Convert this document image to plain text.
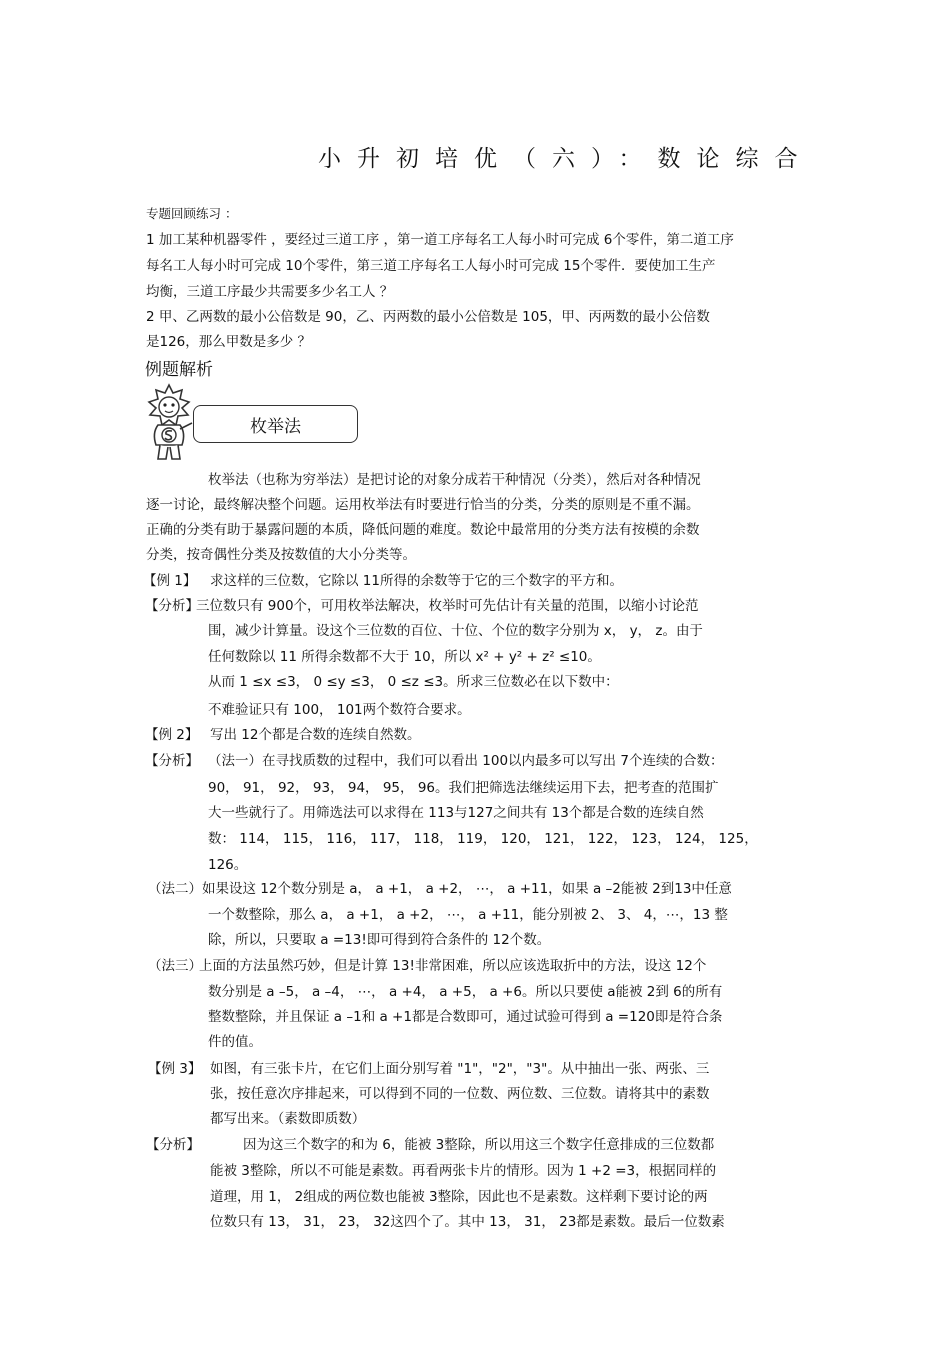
小升初培优（六）：数论综合
专题回顾练习 ：
1 加工某种机器零件 ，要经过三道工序 ，第一道工序每名工人每小时可完成 6个零件，第二道工序
每名工人每小时可完成 10个零件，第三道工序每名工人每小时可完成 15个零件．要使加工生产
均衡，三道工序最少共需要多少名工人 ？
2 甲、乙两数的最小公倍数是 90，乙、丙两数的最小公倍数是 105，甲、丙两数的最小公倍数
是126，那么甲数是多少 ？
例题解析
枚举法
枚举法（也称为穷举法）是把讨论的对象分成若干种情况（分类），然后对各种情况
逐一讨论，最终解决整个问题。运用枚举法有时要进行恰当的分类，分类的原则是不重不漏。
正确的分类有助于暴露问题的本质，降低问题的难度。数论中最常用的分类方法有按模的余数
分类，按奇偶性分类及按数值的大小分类等。
【例 1】 求这样的三位数，它除以 11所得的余数等于它的三个数字的平方和。
【分析】
三位数只有 900个，可用枚举法解决，枚举时可先估计有关量的范围，以缩小讨论范
围，减少计算量。设这个三位数的百位、十位、个位的数字分别为 x， y， z。由于
任何数除以 11 所得余数都不大于 10，所以 x² + y² + z² ≤10。
从而 1 ≤x ≤3， 0 ≤y ≤3， 0 ≤z ≤3。所求三位数必在以下数中：
不难验证只有 100， 101两个数符合要求。
【例 2】 写出 12个都是合数的连续自然数。
【分析】 （法一）在寻找质数的过程中，我们可以看出 100以内最多可以写出 7个连续的合数：
90， 91， 92， 93， 94， 95， 96。我们把筛选法继续运用下去，把考查的范围扩
大一些就行了。用筛选法可以求得在 113与127之间共有 13个都是合数的连续自然
数： 114， 115， 116， 117， 118， 119， 120， 121， 122， 123， 124， 125，
126。
（法二） 如果设这 12个数分别是 a， a +1， a +2， ⋯， a +11，如果 a –2能被 2到13中任意
一个数整除，那么 a， a +1， a +2， ⋯， a +11，能分别被 2、 3、 4，⋯，13 整
除，所以，只要取 a =13!即可得到符合条件的 12个数。
（法三）
上面的方法虽然巧妙，但是计算 13!非常困难，所以应该选取折中的方法，设这 12个
数分别是 a –5， a –4， ⋯， a +4， a +5， a +6。所以只要使 a能被 2到 6的所有
整数整除，并且保证 a –1和 a +1都是合数即可，通过试验可得到 a =120即是符合条
件的值。
【例 3】 如图，有三张卡片，在它们上面分别写着 "1"，"2"，"3"。从中抽出一张、两张、三
张，按任意次序排起来，可以得到不同的一位数、两位数、三位数。请将其中的素数
都写出来。（素数即质数）
【分析】	因为这三个数字的和为 6，能被 3整除，所以用这三个数字任意排成的三位数都
能被 3整除，所以不可能是素数。再看两张卡片的情形。因为 1 +2 =3，根据同样的
道理，用 1， 2组成的两位数也能被 3整除，因此也不是素数。这样剩下要讨论的两
位数只有 13， 31， 23， 32这四个了。其中 13， 31， 23都是素数。最后一位数素
